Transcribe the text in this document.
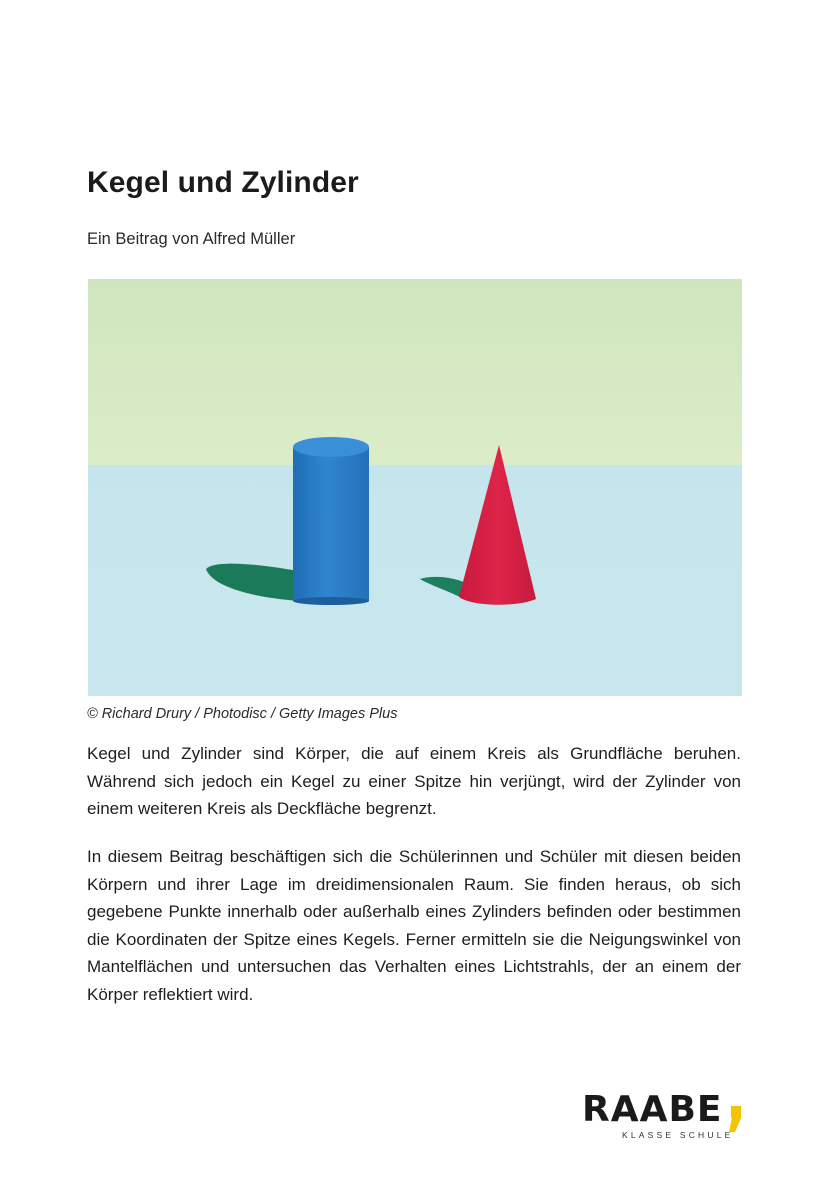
Kegel und Zylinder
Ein Beitrag von Alfred Müller
© Richard Drury / Photodisc / Getty Images Plus

Kegel und Zylinder sind Körper, die auf einem Kreis als Grundfläche beruhen. Während sich jedoch ein Kegel zu einer Spitze hin verjüngt, wird der Zylinder von einem weiteren Kreis als Deckfläche begrenzt.

In diesem Beitrag beschäftigen sich die Schülerinnen und Schüler mit diesen beiden Körpern und ihrer Lage im dreidimensionalen Raum. Sie finden heraus, ob sich gegebene Punkte innerhalb oder außerhalb eines Zylinders befinden oder bestimmen die Koordinaten der Spitze eines Kegels. Ferner ermitteln sie die Neigungswinkel von Mantelflächen und untersuchen das Verhalten eines Lichtstrahls, der an einem der Körper reflektiert wird.

RAABE
KLASSE SCHULE
